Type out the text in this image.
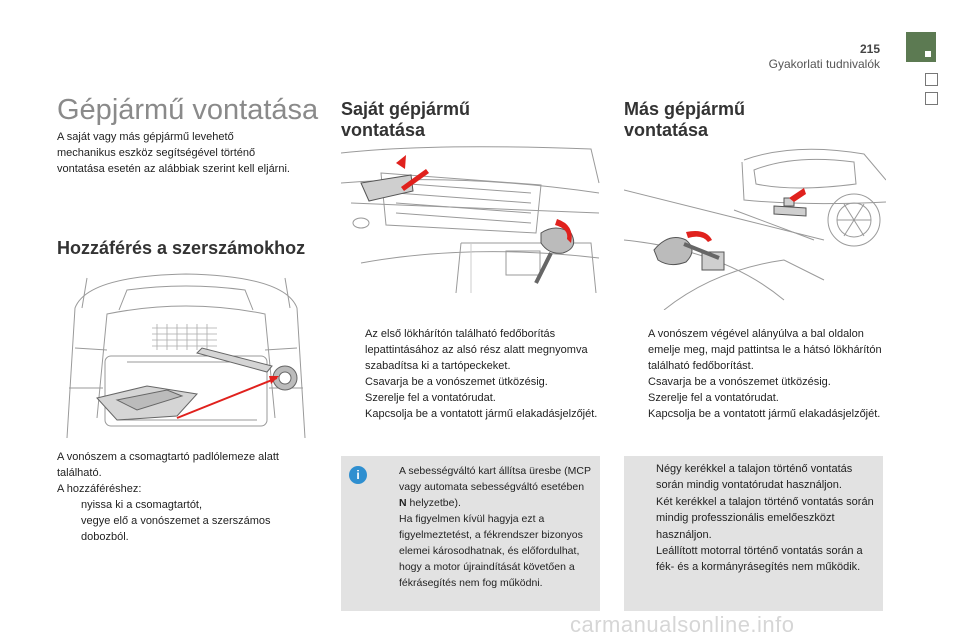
215
Gyakorlati tudnivalók
Gépjármű vontatása
A saját vagy más gépjármű levehető mechanikus eszköz segítségével történő vontatása esetén az alábbiak szerint kell eljárni.
Hozzáférés a szerszámokhoz
A vonószem a csomagtartó padlólemeze alatt található.
A hozzáféréshez:
nyissa ki a csomagtartót,
vegye elő a vonószemet a szerszámos dobozból.
Saját gépjármű vontatása
Az első lökhárítón található fedőborítás lepattintásához az alsó rész alatt megnyomva szabadítsa ki a tartópeckeket.
Csavarja be a vonószemet ütközésig.
Szerelje fel a vontatórudat.
Kapcsolja be a vontatott jármű elakadásjelzőjét.
i	A sebességváltó kart állítsa üresbe (MCP vagy automata sebességváltó esetében N helyzetbe).
Ha figyelmen kívül hagyja ezt a figyelmeztetést, a fékrendszer bizonyos elemei károsodhatnak, és előfordulhat, hogy a motor újraindítását követően a fékrásegítés nem fog működni.
Más gépjármű vontatása
A vonószem végével alányúlva a bal oldalon emelje meg, majd pattintsa le a hátsó lökhárítón található fedőborítást.
Csavarja be a vonószemet ütközésig.
Szerelje fel a vontatórudat.
Kapcsolja be a vontatott jármű elakadásjelzőjét.
Négy kerékkel a talajon történő vontatás során mindig vontatórudat használjon.
Két kerékkel a talajon történő vontatás során mindig professzionális emelőeszközt használjon.
Leállított motorral történő vontatás során a fék- és a kormányrásegítés nem működik.
carmanualsonline.info
